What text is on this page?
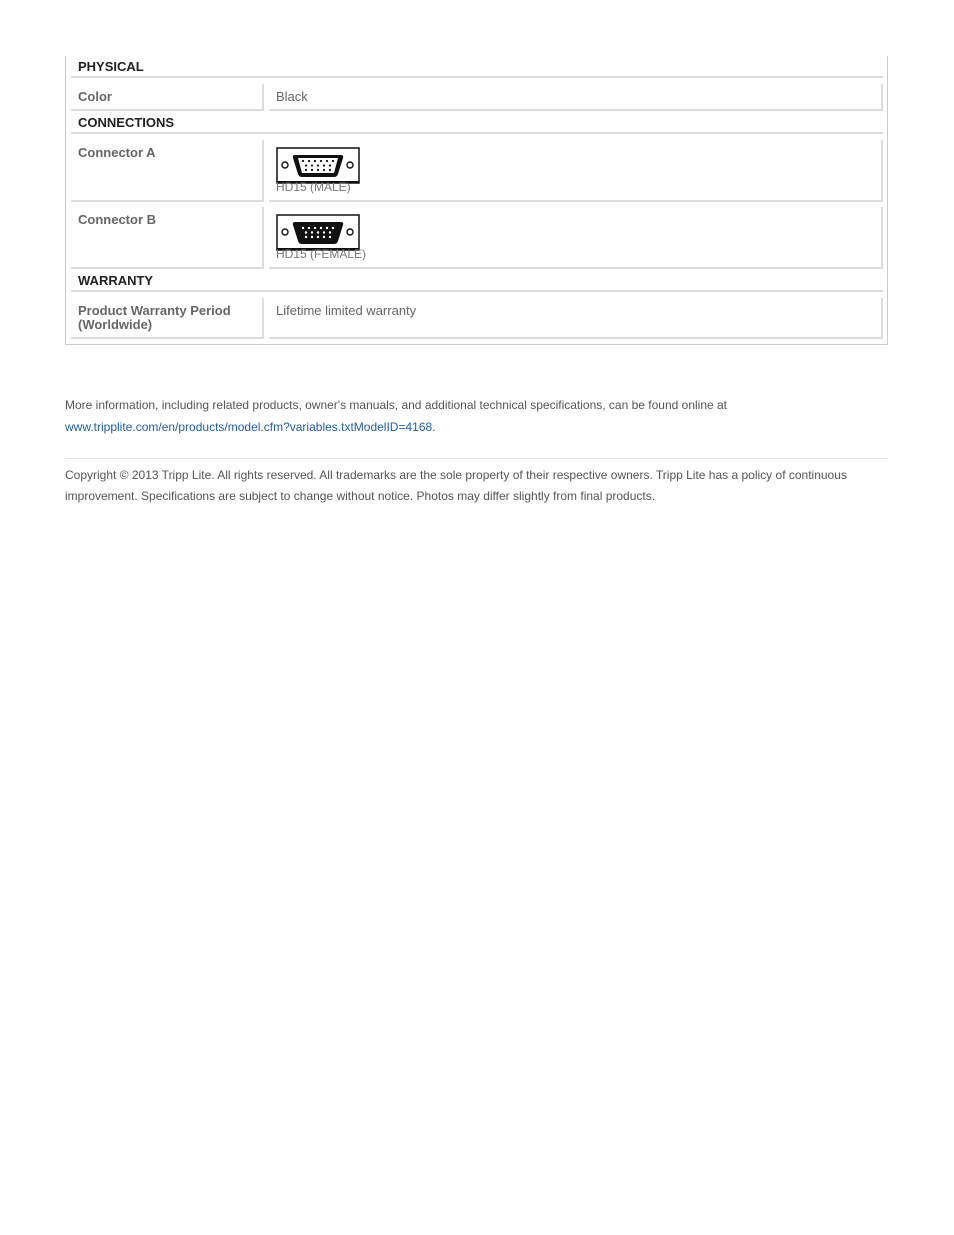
PHYSICAL
Color	Black
CONNECTIONS
Connector A
HD15 (MALE)
Connector B
HD15 (FEMALE)
WARRANTY
Product Warranty Period (Worldwide)
Lifetime limited warranty
More information, including related products, owner's manuals, and additional technical specifications, can be found online at
www.tripplite.com/en/products/model.cfm?variables.txtModelID=4168.
Copyright © 2013 Tripp Lite. All rights reserved. All trademarks are the sole property of their respective owners. Tripp Lite has a policy of continuous improvement. Specifications are subject to change without notice. Photos may differ slightly from final products.
